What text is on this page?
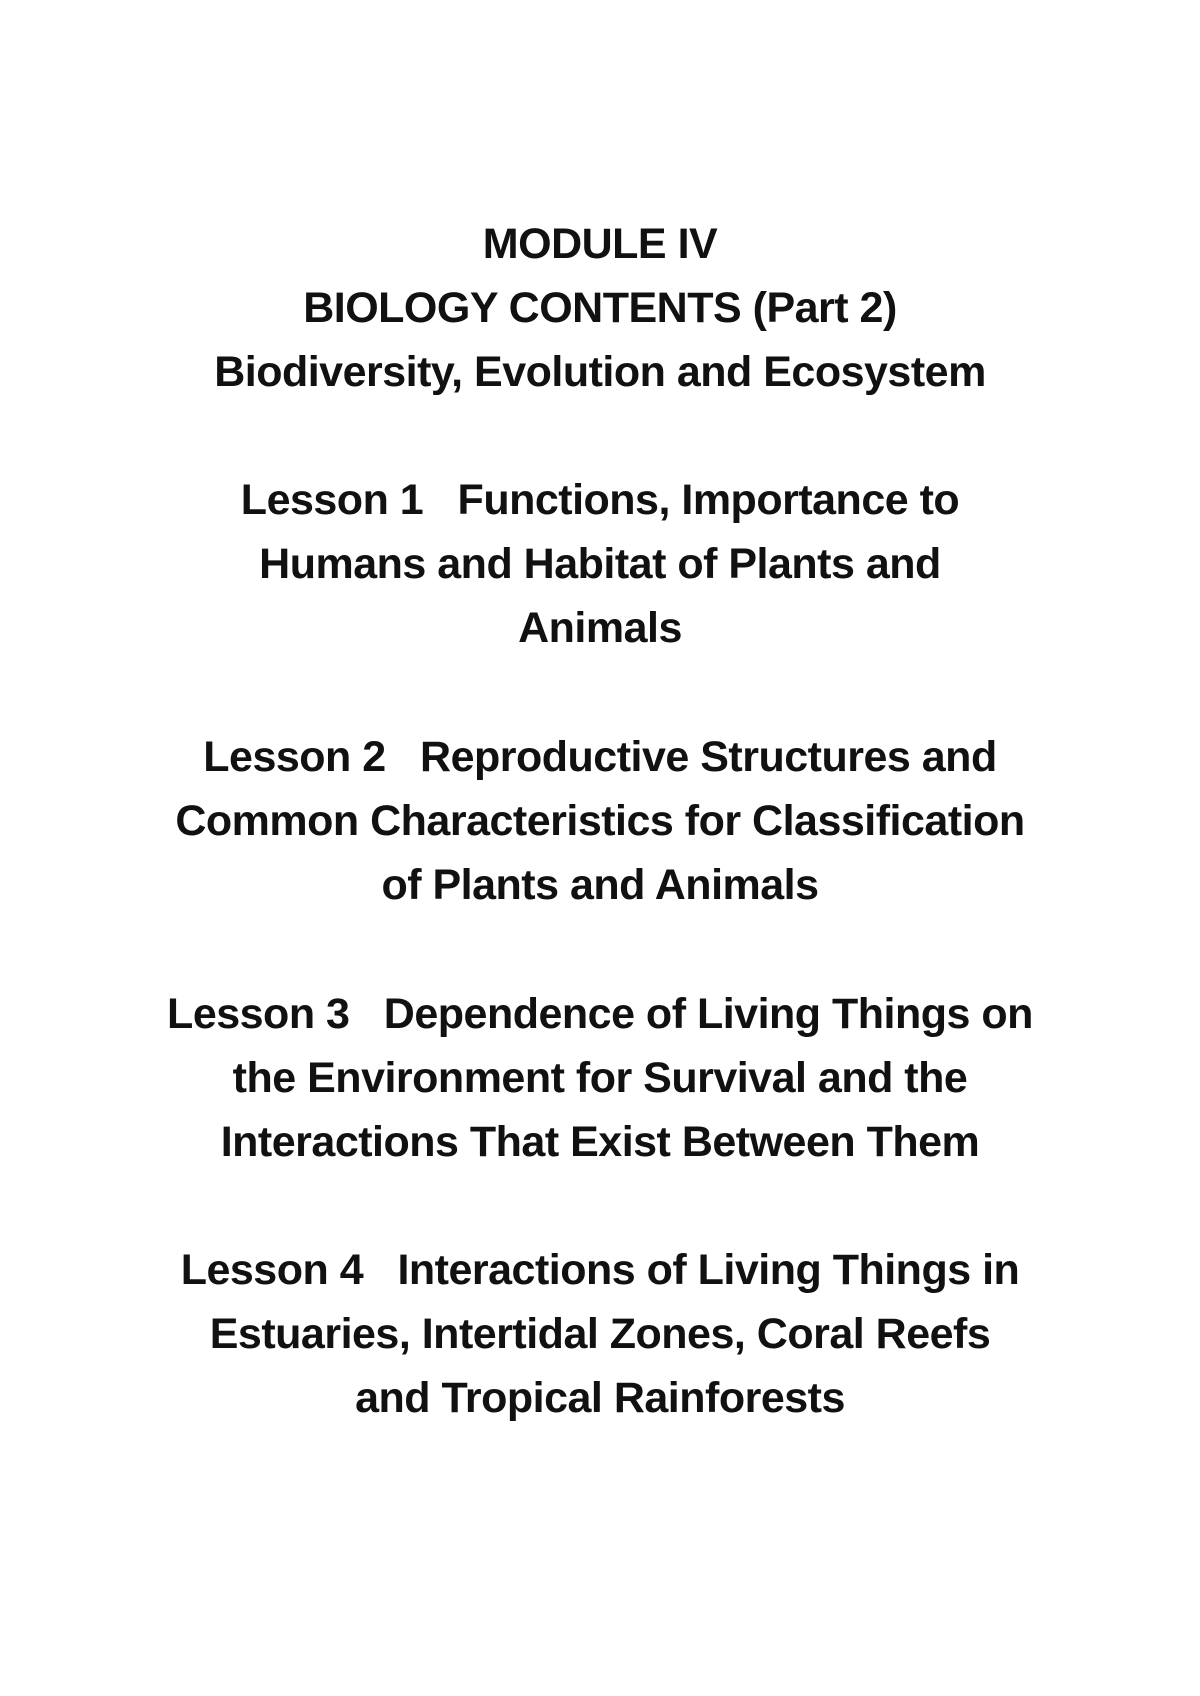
MODULE IV
BIOLOGY CONTENTS (Part 2)
Biodiversity, Evolution and Ecosystem
Lesson 1 Functions, Importance to
Humans and Habitat of Plants and
Animals
Lesson 2 Reproductive Structures and
Common Characteristics for Classification
of Plants and Animals
Lesson 3 Dependence of Living Things on
the Environment for Survival and the
Interactions That Exist Between Them
Lesson 4 Interactions of Living Things in
Estuaries, Intertidal Zones, Coral Reefs
and Tropical Rainforests
